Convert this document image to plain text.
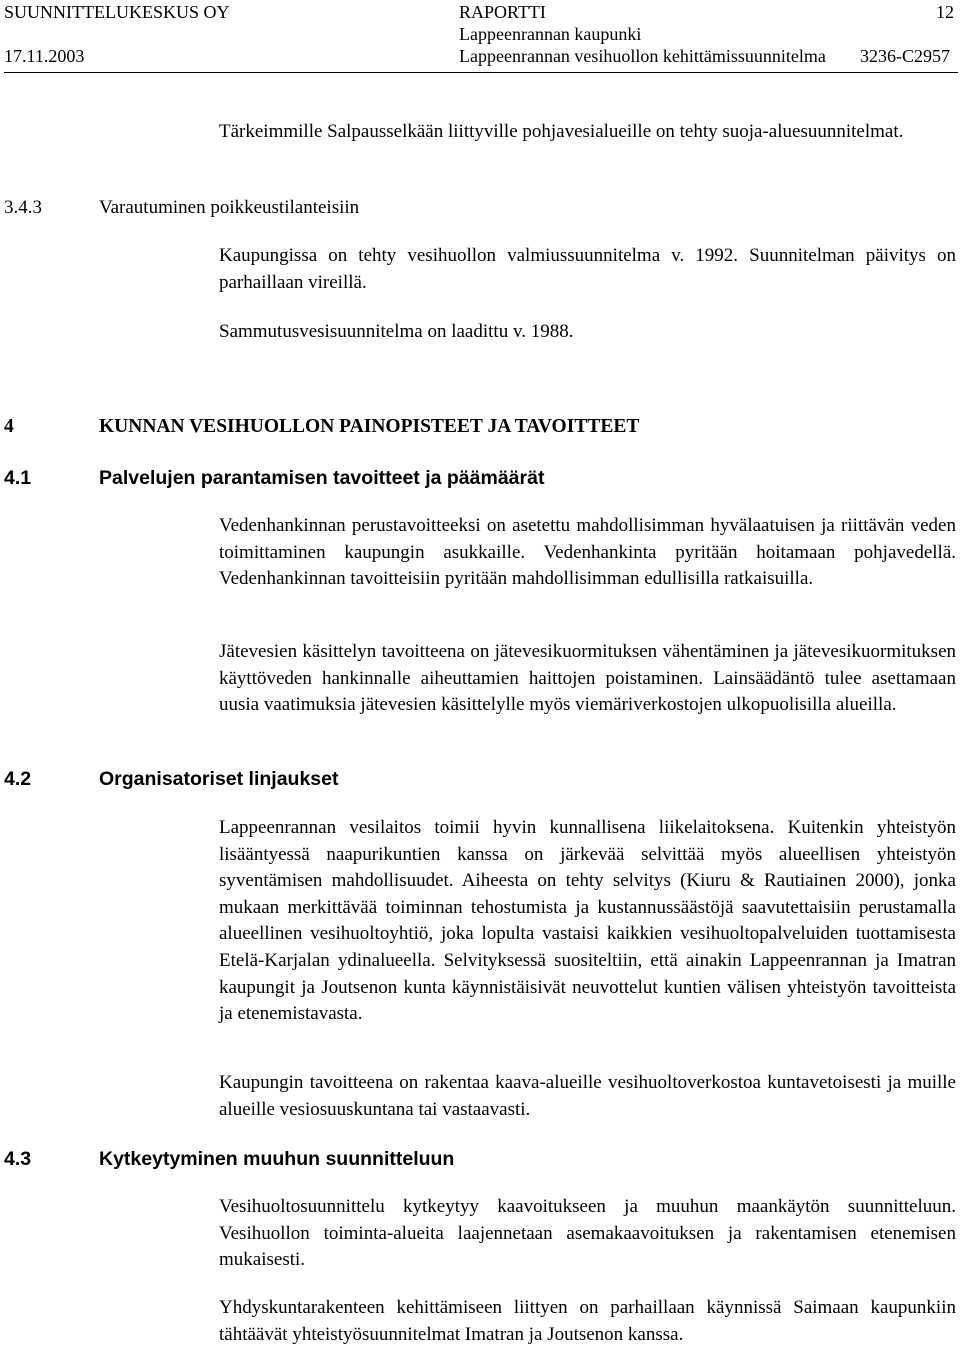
SUUNNITTELUKESKUS OY
17.11.2003
RAPORTTI
Lappeenrannan kaupunki
Lappeenrannan vesihuollon kehittämissuunnitelma 3236-C2957
12
Tärkeimmille Salpausselkään liittyville pohjavesialueille on tehty suoja-aluesuunnitelmat.
3.4.3	Varautuminen poikkeustilanteisiin
Kaupungissa on tehty vesihuollon valmiussuunnitelma v. 1992. Suunnitelman päivitys on parhaillaan vireillä.
Sammutusvesisuunnitelma on laadittu v. 1988.
4	KUNNAN VESIHUOLLON PAINOPISTEET JA TAVOITTEET
4.1	Palvelujen parantamisen tavoitteet ja päämäärät
Vedenhankinnan perustavoitteeksi on asetettu mahdollisimman hyvälaatuisen ja riittävän veden toimittaminen kaupungin asukkaille. Vedenhankinta pyritään hoitamaan pohjavedellä. Vedenhankinnan tavoitteisiin pyritään mahdollisimman edullisilla ratkaisuilla.
Jätevesien käsittelyn tavoitteena on jätevesikuormituksen vähentäminen ja jätevesikuormituksen käyttöveden hankinnalle aiheuttamien haittojen poistaminen. Lainsäädäntö tulee asettamaan uusia vaatimuksia jätevesien käsittelylle myös viemäriverkostojen ulkopuolisilla alueilla.
4.2	Organisatoriset linjaukset
Lappeenrannan vesilaitos toimii hyvin kunnallisena liikelaitoksena. Kuitenkin yhteistyön lisääntyessä naapurikuntien kanssa on järkevää selvittää myös alueellisen yhteistyön syventämisen mahdollisuudet. Aiheesta on tehty selvitys (Kiuru & Rautiainen 2000), jonka mukaan merkittävää toiminnan tehostumista ja kustannussäästöjä saavutettaisiin perustamalla alueellinen vesihuoltoyhtiö, joka lopulta vastaisi kaikkien vesihuoltopalveluiden tuottamisesta Etelä-Karjalan ydinalueella. Selvityksessä suositeltiin, että ainakin Lappeenrannan ja Imatran kaupungit ja Joutsenon kunta käynnistäisivät neuvottelut kuntien välisen yhteistyön tavoitteista ja etenemistavasta.
Kaupungin tavoitteena on rakentaa kaava-alueille vesihuoltoverkostoa kuntavetoisesti ja muille alueille vesiosuuskuntana tai vastaavasti.
4.3	Kytkeytyminen muuhun suunnitteluun
Vesihuoltosuunnittelu kytkeytyy kaavoitukseen ja muuhun maankäytön suunnitteluun. Vesihuollon toiminta-alueita laajennetaan asemakaavoituksen ja rakentamisen etenemisen mukaisesti.
Yhdyskuntarakenteen kehittämiseen liittyen on parhaillaan käynnissä Saimaan kaupunkiin tähtäävät yhteistyösuunnitelmat Imatran ja Joutsenon kanssa.
